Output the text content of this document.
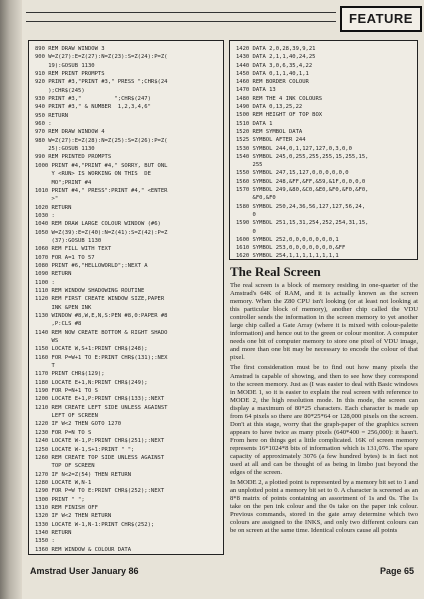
FEATURE
890 REM DRAW WINDOW 3
900 W=Z(27):E=Z(27):N=Z(23):S=Z(24):P=Z(
19):GOSUB 1130
910 REM PRINT PROMPTS
920 PRINT #3,"PRINT #3," PRESS ";CHR$(24
);CHR$(245)
930 PRINT #3,"          ";CHR$(247)
940 PRINT #3," & NUMBER  1,2,3,4,6"
950 RETURN
960 :
970 REM DRAW WINDOW 4
980 W=Z(27):E=Z(28):N=Z(25):S=Z(26):P=Z(
25):GOSUB 1130
990 REM PRINTED PROMPTS
1000 PRINT #4,"PRINT #4," SORRY, BUT ONL
Y <RUN> IS WORKING ON THIS  DE
MO";PRINT #4
1010 PRINT #4," PRESS":PRINT #4," <ENTER
>"
1020 RETURN
1030 :
1040 REM DRAW LARGE COLOUR WINDOW (#6)
1050 W=Z(39):E=Z(40):N=Z(41):S=Z(42):P=Z
(37):GOSUB 1130
1060 REM FILL WITH TEXT
1070 FOR A=1 TO 57
1080 PRINT #6,"HELLOWORLD";:NEXT A
1090 RETURN
1100 :
1110 REM WINDOW SHADOWING ROUTINE
1120 REM FIRST CREATE WINDOW SIZE,PAPER
INK &PEN INK
1130 WINDOW #8,W,E,N,S:PEN #8,0:PAPER #8
,P:CLS #8
1140 REM NOW CREATE BOTTOM & RIGHT SHADO
WS
1150 LOCATE W,S+1:PRINT CHR$(248);
1160 FOR P=W+1 TO E:PRINT CHR$(131);:NEX
T
1170 PRINT CHR$(129);
1180 LOCATE E+1,N:PRINT CHR$(249);
1190 FOR P=N+1 TO S
1200 LOCATE E+1,P:PRINT CHR$(133);:NEXT
1210 REM CREATE LEFT SIDE UNLESS AGAINST
LEFT OF SCREEN
1220 IF W<2 THEN GOTO 1270
1230 FOR P=N TO S
1240 LOCATE W-1,P:PRINT CHR$(251);:NEXT
1250 LOCATE W-1,S+1:PRINT " ";
1260 REM CREATE TOP SIDE UNLESS AGAINST
TOP OF SCREEN
1270 IF N<2=Z(54) THEN RETURN
1280 LOCATE W,N-1
1290 FOR P=W TO E:PRINT CHR$(252);:NEXT
1300 PRINT " ";
1310 REM FINISH OFF
1320 IF W<2 THEN RETURN
1330 LOCATE W-1,N-1:PRINT CHR$(252);
1340 RETURN
1350 :
1360 REM WINDOW & COLOUR DATA
1420 DATA 2,0,28,39,9,21
1430 DATA 2,1,1,40,24,25
1440 DATA 3,0,6,35,4,22
1450 DATA 0,1,1,40,1,1
1460 REM BORDER COLOUR
1470 DATA 13
1480 REM THE 4 INK COLOURS
1490 DATA 0,13,25,22
1500 REM HEIGHT OF TOP BOX
1510 DATA 1
1520 REM SYMBOL DATA
1525 SYMBOL AFTER 244
1530 SYMBOL 244,0,1,127,127,0,3,0,0
1540 SYMBOL 245,0,255,255,255,15,255,15,
255
1550 SYMBOL 247,15,127,0,0,0,0,0,0
1560 SYMBOL 248,&FF,&FF,&59,&1F,0,0,0,0
1570 SYMBOL 249,&80,&C0,&E0,&F0,&F0,&F0,
&F0,&F0
1580 SYMBOL 250,24,36,56,127,127,56,24,
0
1590 SYMBOL 251,15,31,254,252,254,31,15,
0
1600 SYMBOL 252,0,0,0,0,0,0,0,1
1610 SYMBOL 253,0,0,0,0,0,0,0,&FF
1620 SYMBOL 254,1,1,1,1,1,1,1,1
The Real Screen

The real screen is a block of memory residing in one-quarter of the Amstrad's 64K of RAM, and it is actually known as the screen memory. When the Z80 CPU isn't looking (or at least not looking at this particular block of memory), another chip called the VDU controller sends the information in the screen memory to yet another large chip called a Gate Array (where it is mixed with colour-palette information) and hence out to the green or colour monitor. A computer needs one bit of computer memory to store one pixel of VDU image, and more than one bit may be necessary to encode the colour of that pixel.

The first consideration must be to find out how many pixels the Amstrad is capable of showing, and then to see how they correspond to the screen memory. Just as (I was easier to deal with Basic windows in MODE 1, so it is easier to explain the real screen with reference to MODE 2, the high resolution mode. In this mode, the screen can display a maximum of 80*25 characters. Each character is made up from 64 pixels so there are 80*25*64 or 128,000 pixels on the screen. Don't at this stage, worry that the graph-paper of the graphics screen appears to have twice as many pixels (640*400 = 256,000): it hasn't. From here on things get a little complicated. 16K of screen memory represents 16*1024*8 bits of information which is 131,076. The spare capacity of approximately 3076 (a few hundred bytes) is in fact not used at all and can be thought of as being in limbo just beyond the edges of the screen.

In MODE 2, a plotted point is represented by a memory bit set to 1 and an unplotted point a memory bit set to 0. A character is screened as an 8*8 matrix of points containing an assortment of 1s and 0s. The 1s take on the pen ink colour and the 0s take on the paper ink colour. Previous commands, stored in the gate array determine which two colours are assigned to the INKS, and only two different colours can be on screen at the same time. Identical colours cause all points

Amstrad User January 86	Page 65
